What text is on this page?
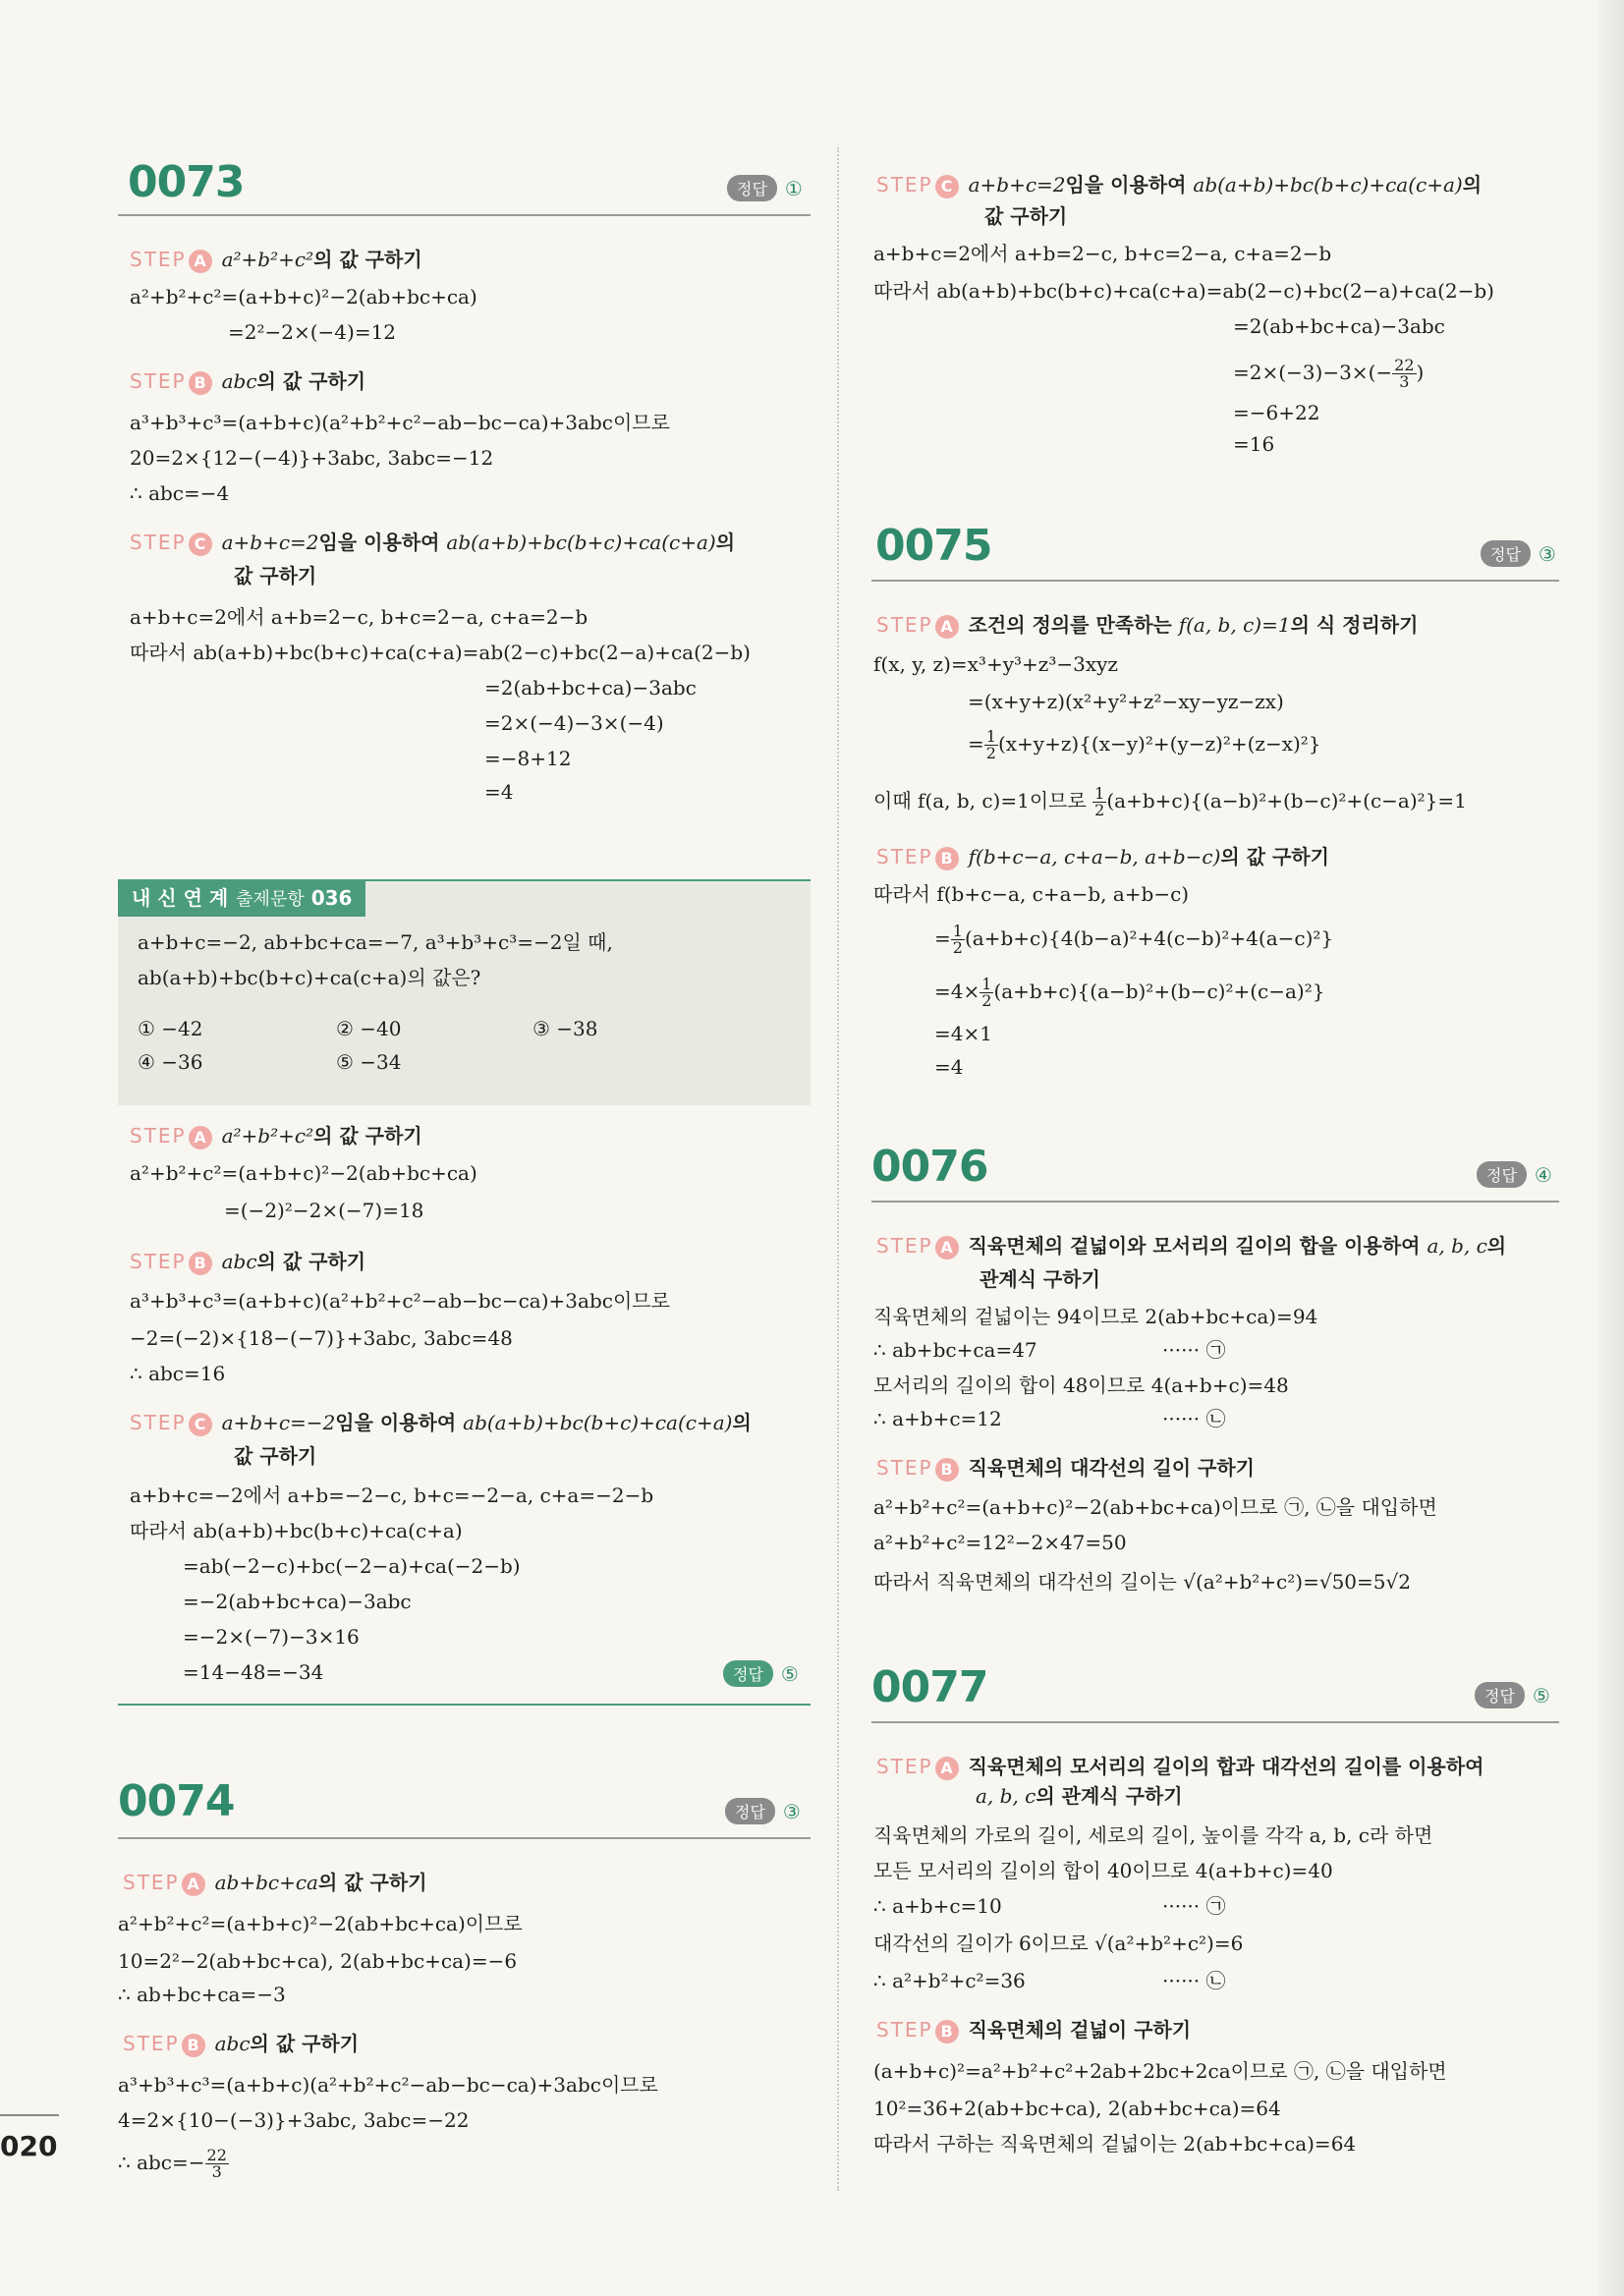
0073	정답 ①
STEP A a²+b²+c²의 값 구하기
a²+b²+c²=(a+b+c)²−2(ab+bc+ca)
=2²−2×(−4)=12
STEP B abc의 값 구하기
a³+b³+c³=(a+b+c)(a²+b²+c²−ab−bc−ca)+3abc이므로
20=2×{12−(−4)}+3abc, 3abc=−12
∴ abc=−4
STEP C a+b+c=2임을 이용하여 ab(a+b)+bc(b+c)+ca(c+a)의
값 구하기
a+b+c=2에서 a+b=2−c, b+c=2−a, c+a=2−b
따라서 ab(a+b)+bc(b+c)+ca(c+a)=ab(2−c)+bc(2−a)+ca(2−b)
=2(ab+bc+ca)−3abc
=2×(−4)−3×(−4)
=−8+12
=4
내 신 연 계 출제문항 036
a+b+c=−2, ab+bc+ca=−7, a³+b³+c³=−2일 때,
ab(a+b)+bc(b+c)+ca(c+a)의 값은?
① −42	② −40	③ −38
④ −36	⑤ −34
STEP A a²+b²+c²의 값 구하기
a²+b²+c²=(a+b+c)²−2(ab+bc+ca)
=(−2)²−2×(−7)=18
STEP B abc의 값 구하기
a³+b³+c³=(a+b+c)(a²+b²+c²−ab−bc−ca)+3abc이므로
−2=(−2)×{18−(−7)}+3abc, 3abc=48
∴ abc=16
STEP C a+b+c=−2임을 이용하여 ab(a+b)+bc(b+c)+ca(c+a)의
값 구하기
a+b+c=−2에서 a+b=−2−c, b+c=−2−a, c+a=−2−b
따라서 ab(a+b)+bc(b+c)+ca(c+a)
=ab(−2−c)+bc(−2−a)+ca(−2−b)
=−2(ab+bc+ca)−3abc
=−2×(−7)−3×16
=14−48=−34	정답 ⑤
0074	정답 ③
STEP A ab+bc+ca의 값 구하기
a²+b²+c²=(a+b+c)²−2(ab+bc+ca)이므로
10=2²−2(ab+bc+ca), 2(ab+bc+ca)=−6
∴ ab+bc+ca=−3
STEP B abc의 값 구하기
a³+b³+c³=(a+b+c)(a²+b²+c²−ab−bc−ca)+3abc이므로
4=2×{10−(−3)}+3abc, 3abc=−22
∴ $abc=- \frac{22}{3}$
020
STEP C a+b+c=2임을 이용하여 ab(a+b)+bc(b+c)+ca(c+a)의
값 구하기
a+b+c=2에서 a+b=2−c, b+c=2−a, c+a=2−b
따라서 ab(a+b)+bc(b+c)+ca(c+a)=ab(2−c)+bc(2−a)+ca(2−b)
=2(ab+bc+ca)−3abc
$=2\times(-3)-3\times(- \frac{22}{3}$ )
=−6+22
=16
0075	정답 ③
STEP A 조건의 정의를 만족하는 f(a, b, c)=1의 식 정리하기
f(x, y, z)=x³+y³+z³−3xyz
=(x+y+z)(x²+y²+z²−xy−yz−zx)
= $\frac{1}{2} (x+y+z)\{(x-y)^2+(y-z)^2+(z-x)^2\}$
이때 f(a, b, c)=1이므로 $\frac{1}{2} (a+b+c)\{(a-b)^2+(b-c)^2+(c-a)^2\}=1$
STEP B f(b+c−a, c+a−b, a+b−c)의 값 구하기
따라서 f(b+c−a, c+a−b, a+b−c)
= $\frac{1}{2} (a+b+c)\{4(b-a)^2+4(c-b)^2+4(a-c)^2\}$
$=4\times \frac{1}{2} (a+b+c)\{(a-b)^2+(b-c)^2+(c-a)^2\}$
=4×1
=4
0076	정답 ④
STEP A 직육면체의 겉넓이와 모서리의 길이의 합을 이용하여 a, b, c의
관계식 구하기
직육면체의 겉넓이는 94이므로 2(ab+bc+ca)=94
∴ ab+bc+ca=47	······ ㉠
모서리의 길이의 합이 48이므로 4(a+b+c)=48
∴ a+b+c=12	······ ㉡
STEP B 직육면체의 대각선의 길이 구하기
a²+b²+c²=(a+b+c)²−2(ab+bc+ca)이므로 ㉠, ㉡을 대입하면
a²+b²+c²=12²−2×47=50
따라서 직육면체의 대각선의 길이는 √(a²+b²+c²)=√50=5√2
0077	정답 ⑤
STEP A 직육면체의 모서리의 길이의 합과 대각선의 길이를 이용하여
a, b, c의 관계식 구하기
직육면체의 가로의 길이, 세로의 길이, 높이를 각각 a, b, c라 하면
모든 모서리의 길이의 합이 40이므로 4(a+b+c)=40
∴ a+b+c=10	······ ㉠
대각선의 길이가 6이므로 √(a²+b²+c²)=6
∴ a²+b²+c²=36	······ ㉡
STEP B 직육면체의 겉넓이 구하기
(a+b+c)²=a²+b²+c²+2ab+2bc+2ca이므로 ㉠, ㉡을 대입하면
10²=36+2(ab+bc+ca), 2(ab+bc+ca)=64
따라서 구하는 직육면체의 겉넓이는 2(ab+bc+ca)=64
